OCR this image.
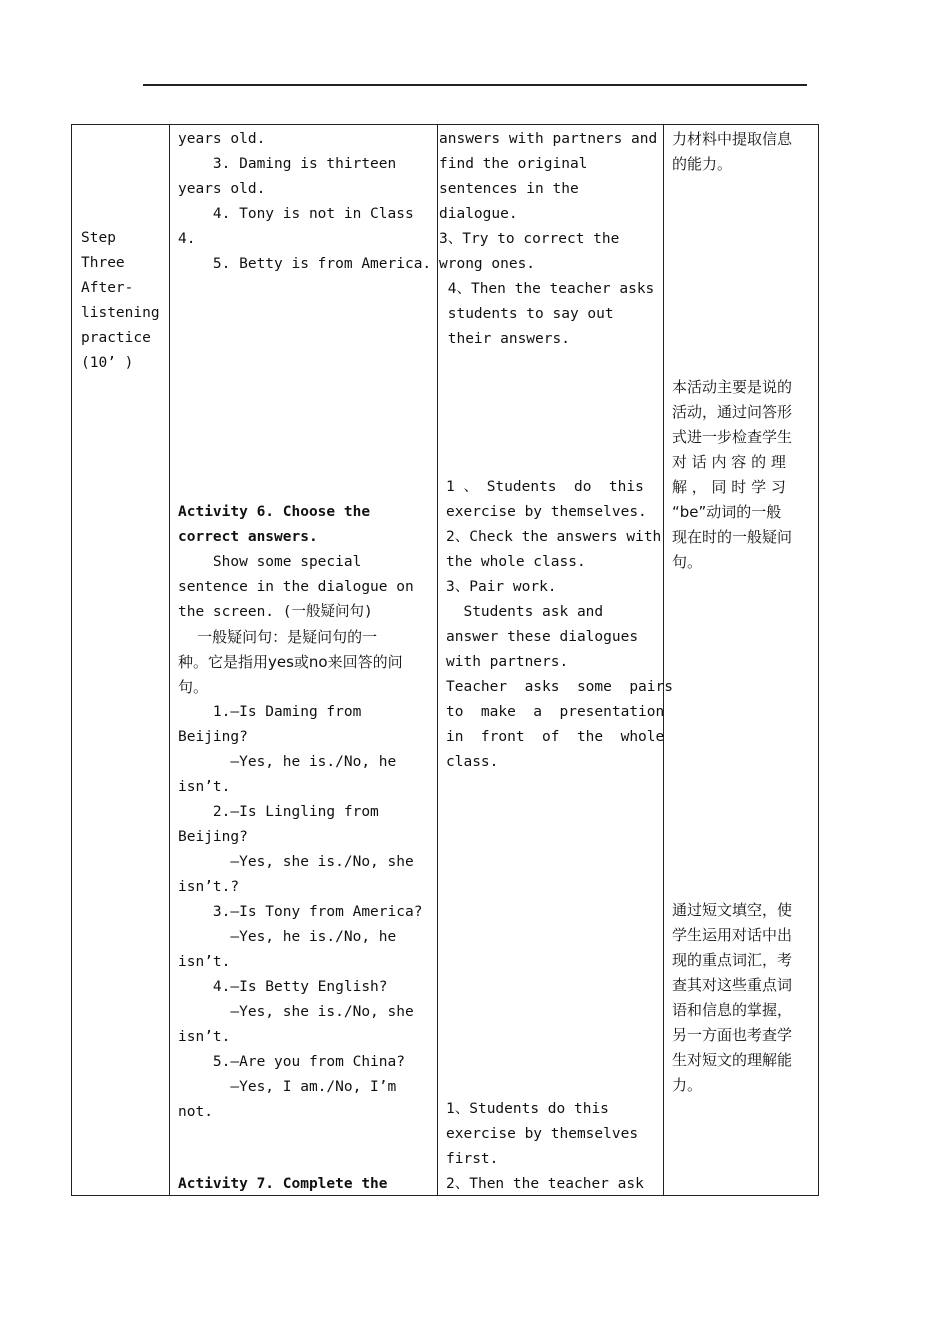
Step
Three
After-
listening
practice
(10’ )
years old.
3. Daming is thirteen
years old.
4. Tony is not in Class
4.
5. Betty is from America.
Activity 6. Choose the
correct answers.
Show some special
sentence in the dialogue on
the screen. (一般疑问句)
一般疑问句：是疑问句的一
种。它是指用yes或no来回答的问
句。
1.—Is Daming from
Beijing?
—Yes, he is./No, he
isn’t.
2.—Is Lingling from
Beijing?
—Yes, she is./No, she
isn’t.?
3.—Is Tony from America?
—Yes, he is./No, he
isn’t.
4.—Is Betty English?
—Yes, she is./No, she
isn’t.
5.—Are you from China?
—Yes, I am./No, I’m
not.
Activity 7. Complete the
answers with partners and
find the original
sentences in the
dialogue.
3、Try to correct the
wrong ones.
4、Then the teacher asks
students to say out
their answers.
1 、 Students  do  this
exercise by themselves.
2、Check the answers with
the whole class.
3、Pair work.
Students ask and
answer these dialogues
with partners.
Teacher  asks  some  pairs
to  make  a  presentation
in  front  of  the  whole
class.
1、Students do this
exercise by themselves
first.
2、Then the teacher ask
力材料中提取信息
的能力。
本活动主要是说的
活动，通过问答形
式进一步检查学生
对 话 内 容 的 理
解 ， 同 时 学 习
“be”动词的一般
现在时的一般疑问
句。
通过短文填空，使
学生运用对话中出
现的重点词汇，考
查其对这些重点词
语和信息的掌握，
另一方面也考查学
生对短文的理解能
力。
